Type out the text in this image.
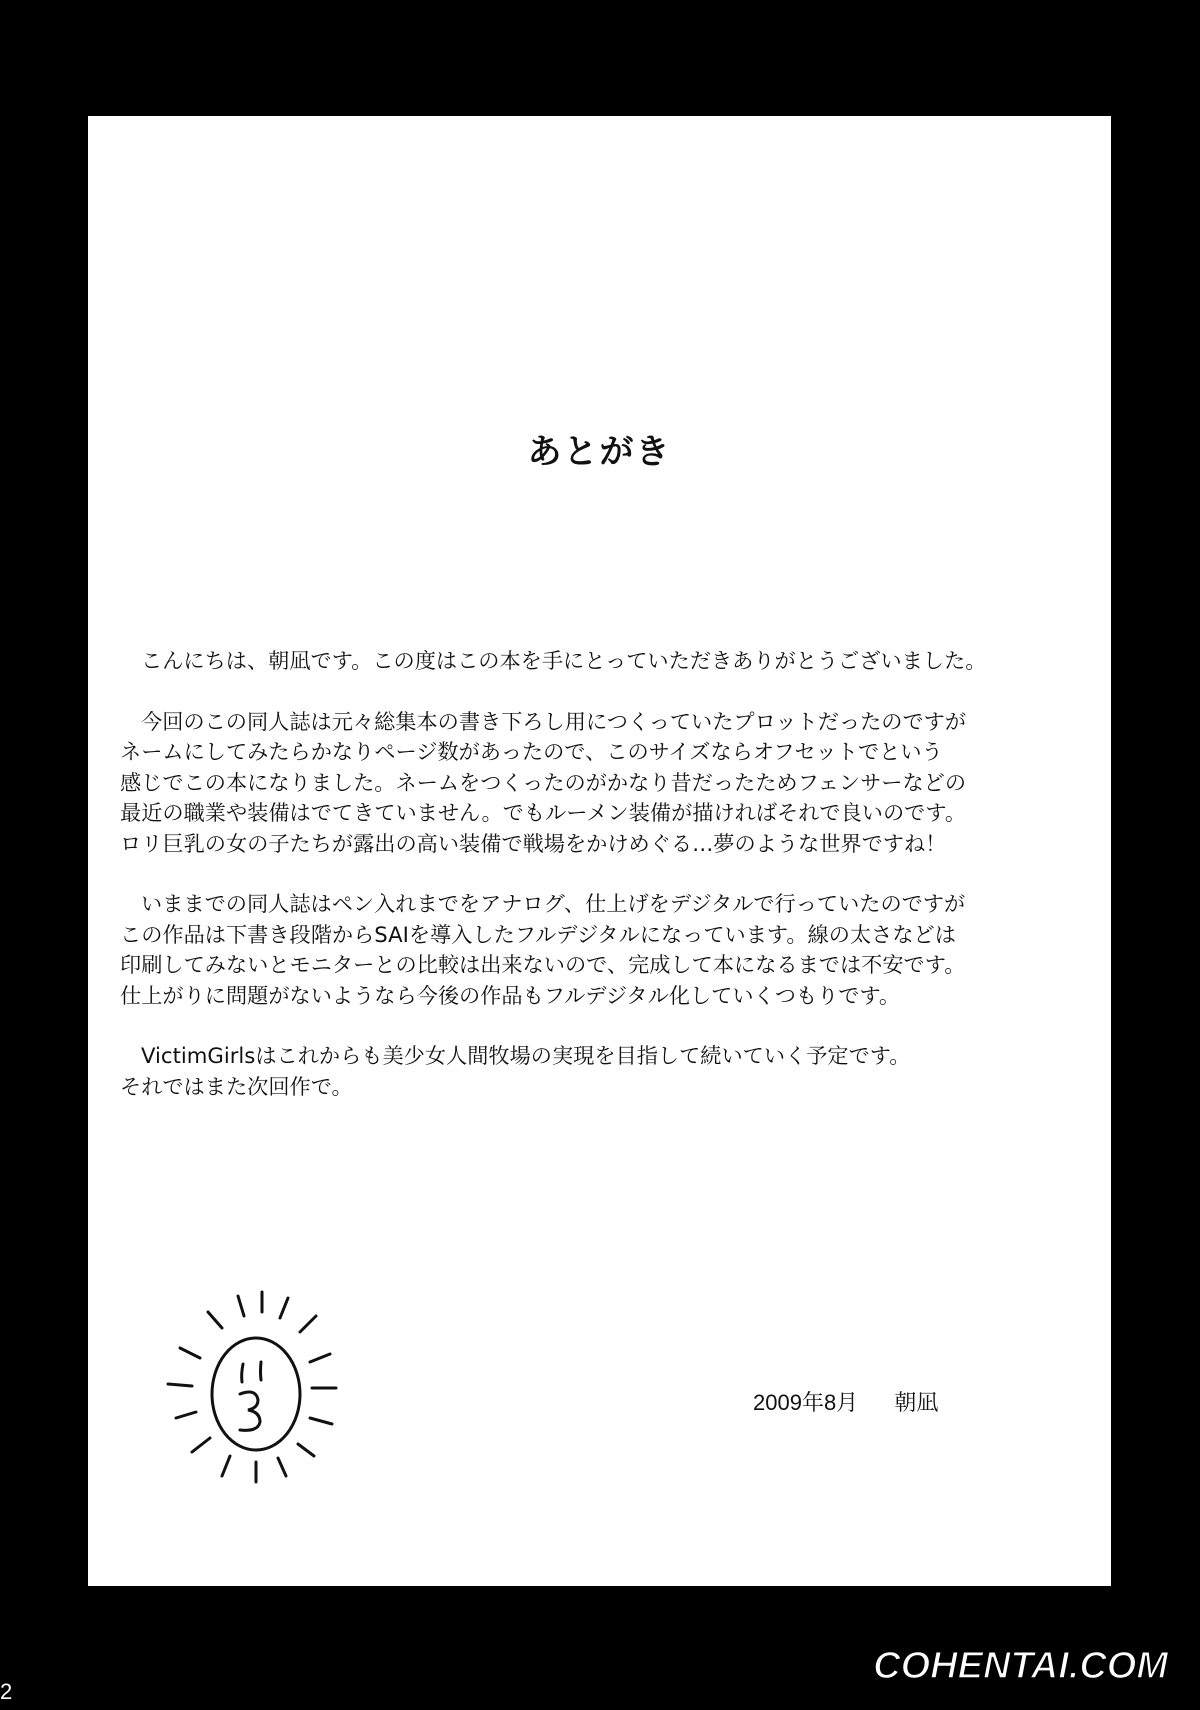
あとがき

こんにちは、朝凪です。この度はこの本を手にとっていただきありがとうございました。

今回のこの同人誌は元々総集本の書き下ろし用につくっていたプロットだったのですが
ネームにしてみたらかなりページ数があったので、このサイズならオフセットでという
感じでこの本になりました。ネームをつくったのがかなり昔だったためフェンサーなどの
最近の職業や装備はでてきていません。でもルーメン装備が描ければそれで良いのです。
ロリ巨乳の女の子たちが露出の高い装備で戦場をかけめぐる…夢のような世界ですね！

いままでの同人誌はペン入れまでをアナログ、仕上げをデジタルで行っていたのですが
この作品は下書き段階からSAIを導入したフルデジタルになっています。線の太さなどは
印刷してみないとモニターとの比較は出来ないので、完成して本になるまでは不安です。
仕上がりに問題がないようなら今後の作品もフルデジタル化していくつもりです。

VictimGirlsはこれからも美少女人間牧場の実現を目指して続いていく予定です。
それではまた次回作で。

2009年8月 朝凪
2
COHENTAI.COM
